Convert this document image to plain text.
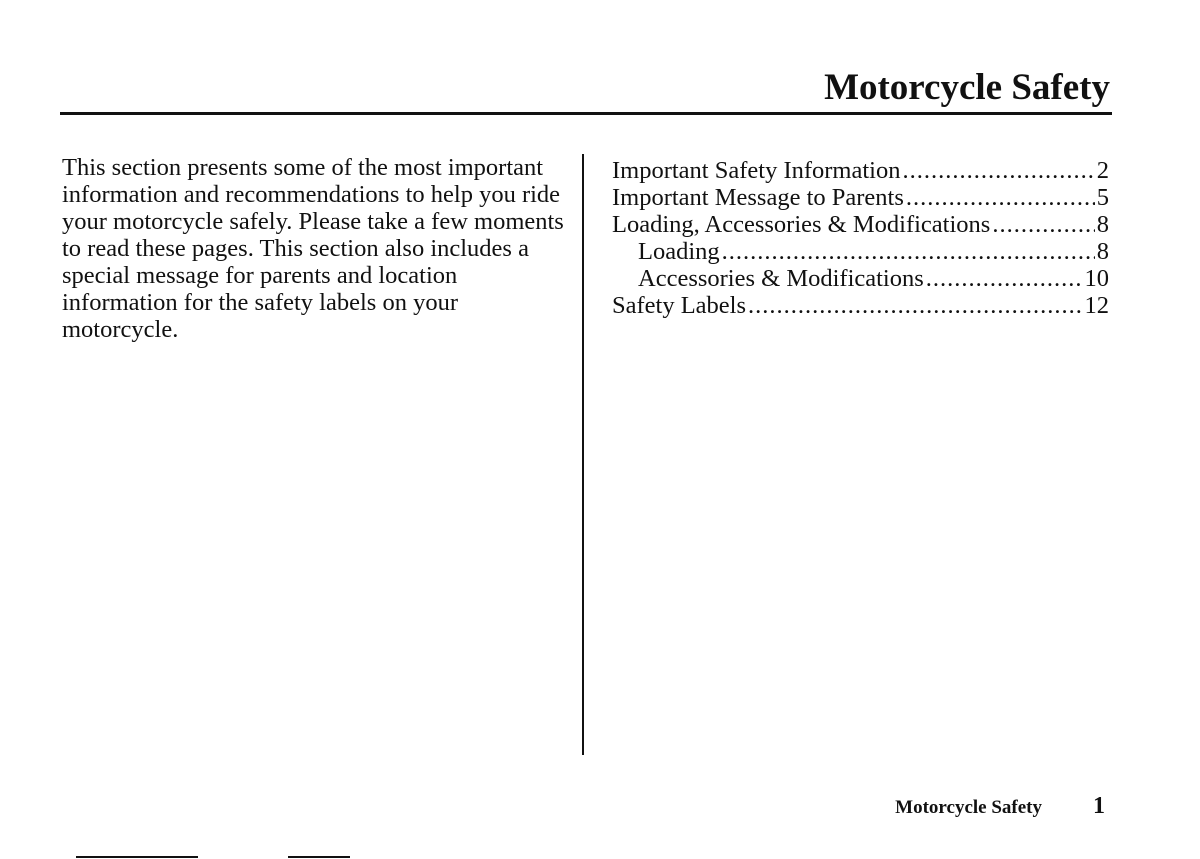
Motorcycle Safety

This section presents some of the most important information and recommendations to help you ride your motorcycle safely. Please take a few moments to read these pages. This section also includes a special message for parents and location information for the safety labels on your motorcycle.

Important Safety Information .....	2
Important Message to Parents .....	5
Loading, Accessories & Modifications .....	8
Loading .....	8
Accessories & Modifications .....	10
Safety Labels .....	12
Motorcycle Safety 1
